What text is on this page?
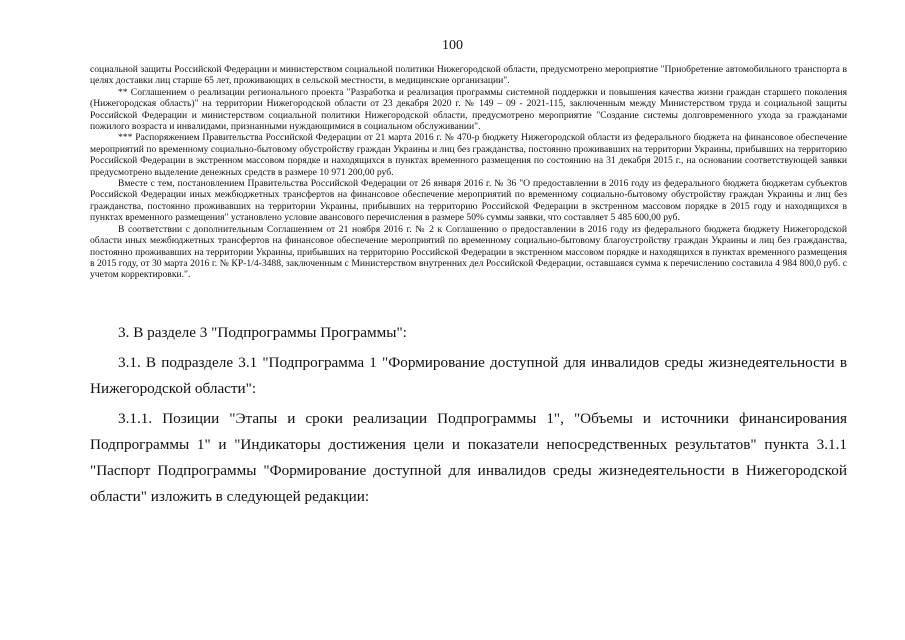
100

социальной защиты Российской Федерации и министерством социальной политики Нижегородской области, предусмотрено мероприятие "Приобретение автомобильного транспорта в целях доставки лиц старше 65 лет, проживающих в сельской местности, в медицинские организации".

** Соглашением о реализации регионального проекта "Разработка и реализация программы системной поддержки и повышения качества жизни граждан старшего поколения (Нижегородская область)" на территории Нижегородской области от 23 декабря 2020 г. № 149 – 09 - 2021-115, заключенным между Министерством труда и социальной защиты Российской Федерации и министерством социальной политики Нижегородской области, предусмотрено мероприятие "Создание системы долговременного ухода за гражданами пожилого возраста и инвалидами, признанными нуждающимися в социальном обслуживании".

*** Распоряжением Правительства Российской Федерации от 21 марта 2016 г. № 470-р бюджету Нижегородской области из федерального бюджета на финансовое обеспечение мероприятий по временному социально-бытовому обустройству граждан Украины и лиц без гражданства, постоянно проживавших на территории Украины, прибывших на территорию Российской Федерации в экстренном массовом порядке и находящихся в пунктах временного размещения по состоянию на 31 декабря 2015 г., на основании соответствующей заявки предусмотрено выделение денежных средств в размере 10 971 200,00 руб.

Вместе с тем, постановлением Правительства Российской Федерации от 26 января 2016 г. № 36 "О предоставлении в 2016 году из федерального бюджета бюджетам субъектов Российской Федерации иных межбюджетных трансфертов на финансовое обеспечение мероприятий по временному социально-бытовому обустройству граждан Украины и лиц без гражданства, постоянно проживавших на территории Украины, прибывших на территорию Российской Федерации в экстренном массовом порядке в 2015 году и находящихся в пунктах временного размещения" установлено условие авансового перечисления в размере 50% суммы заявки, что составляет 5 485 600,00 руб.

В соответствии с дополнительным Соглашением от 21 ноября 2016 г. № 2 к Соглашению о предоставлении в 2016 году из федерального бюджета бюджету Нижегородской области иных межбюджетных трансфертов на финансовое обеспечение мероприятий по временному социально-бытовому благоустройству граждан Украины и лиц без гражданства, постоянно проживавших на территории Украины, прибывших на территорию Российской Федерации в экстренном массовом порядке и находящихся в пунктах временного размещения в 2015 году, от 30 марта 2016 г. № КР-1/4-3488, заключенным с Министерством внутренних дел Российской Федерации, оставшаяся сумма к перечислению составила 4 984 800,0 руб. с учетом корректировки.".

3. В разделе 3 "Подпрограммы Программы":

3.1. В подразделе 3.1 "Подпрограмма 1 "Формирование доступной для инвалидов среды жизнедеятельности в Нижегородской области":

3.1.1. Позиции "Этапы и сроки реализации Подпрограммы 1", "Объемы и источники финансирования Подпрограммы 1" и "Индикаторы достижения цели и показатели непосредственных результатов" пункта 3.1.1 "Паспорт Подпрограммы "Формирование доступной для инвалидов среды жизнедеятельности в Нижегородской области" изложить в следующей редакции:
